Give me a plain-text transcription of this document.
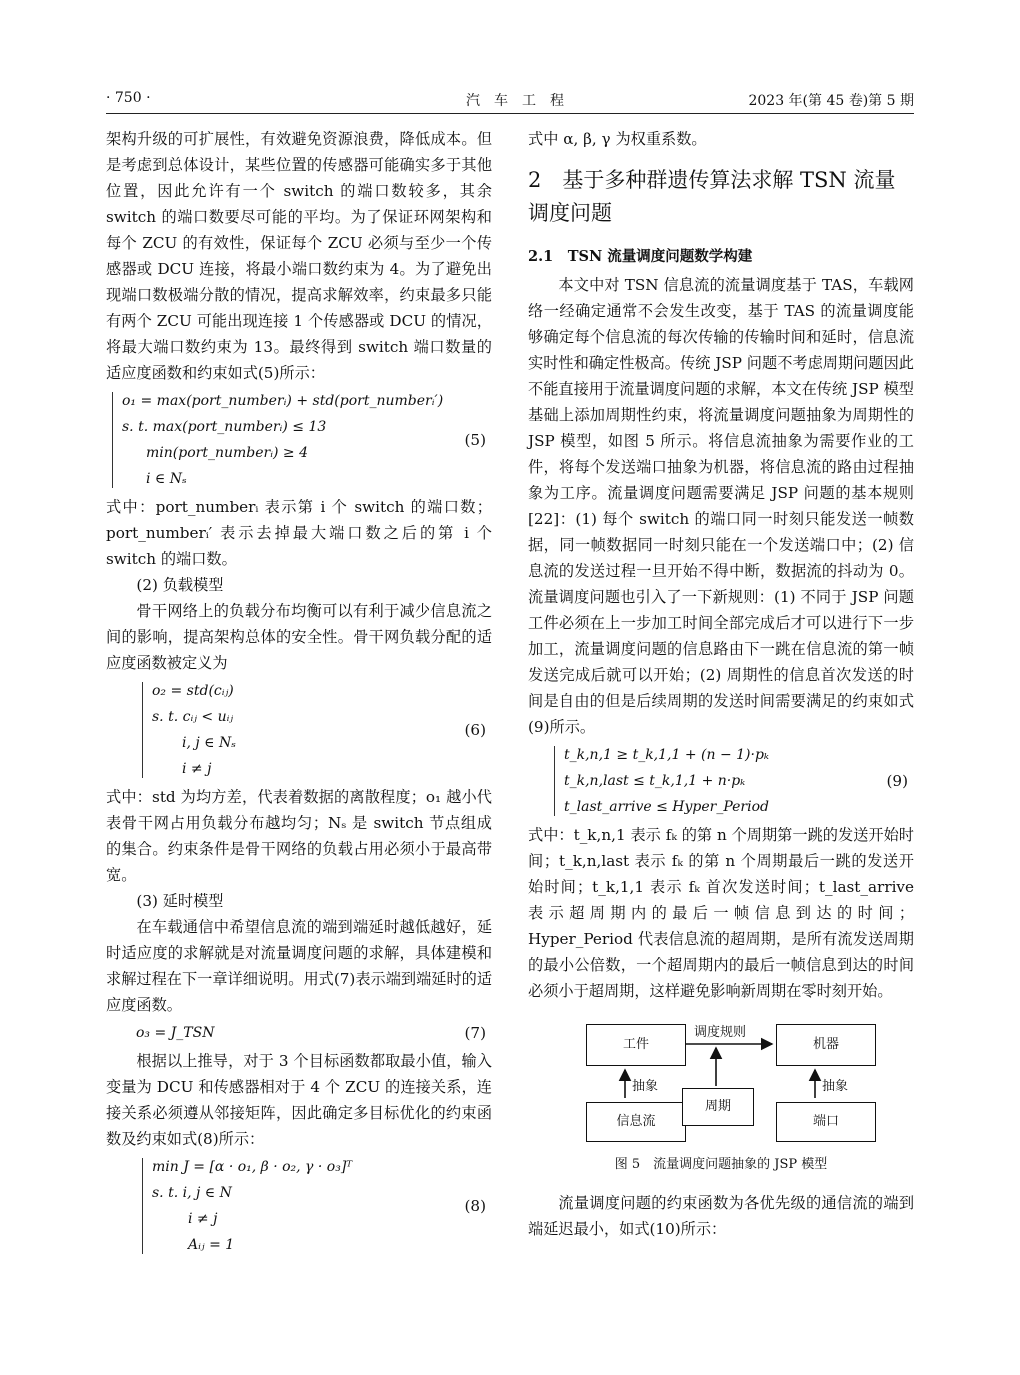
· 750 ·	汽　车　工　程	2023 年(第 45 卷)第 5 期

架构升级的可扩展性，有效避免资源浪费，降低成本。但是考虑到总体设计，某些位置的传感器可能确实多于其他位置，因此允许有一个 switch 的端口数较多，其余 switch 的端口数要尽可能的平均。为了保证环网架构和每个 ZCU 的有效性，保证每个 ZCU 必须与至少一个传感器或 DCU 连接，将最小端口数约束为 4。为了避免出现端口数极端分散的情况，提高求解效率，约束最多只能有两个 ZCU 可能出现连接 1 个传感器或 DCU 的情况，将最大端口数约束为 13。最终得到 switch 端口数量的适应度函数和约束如式(5)所示：

o₁ = max(port_numberᵢ) + std(port_numberᵢ′)
s. t. max(port_numberᵢ) ≤ 13
min(port_numberᵢ) ≥ 4
i ∈ Nₛ
(5)

式中：port_numberᵢ 表示第 i 个 switch 的端口数；port_numberᵢ′ 表示去掉最大端口数之后的第 i 个 switch 的端口数。

(2) 负载模型

骨干网络上的负载分布均衡可以有利于减少信息流之间的影响，提高架构总体的安全性。骨干网负载分配的适应度函数被定义为

o₂ = std(cᵢⱼ)
s. t. cᵢⱼ < uᵢⱼ
i, j ∈ Nₛ
i ≠ j
(6)

式中：std 为均方差，代表着数据的离散程度；o₁ 越小代表骨干网占用负载分布越均匀；Nₛ 是 switch 节点组成的集合。约束条件是骨干网络的负载占用必须小于最高带宽。

(3) 延时模型

在车载通信中希望信息流的端到端延时越低越好，延时适应度的求解就是对流量调度问题的求解，具体建模和求解过程在下一章详细说明。用式(7)表示端到端延时的适应度函数。

o₃ = J_TSN	(7)

根据以上推导，对于 3 个目标函数都取最小值，输入变量为 DCU 和传感器相对于 4 个 ZCU 的连接关系，连接关系必须遵从邻接矩阵，因此确定多目标优化的约束函数及约束如式(8)所示：

min J = [α · o₁, β · o₂, γ · o₃]ᵀ
s. t. i, j ∈ N
i ≠ j
Aᵢⱼ = 1
(8)

式中 α, β, γ 为权重系数。

2　基于多种群遗传算法求解 TSN 流量调度问题
2.1　TSN 流量调度问题数学构建

本文中对 TSN 信息流的流量调度基于 TAS，车载网络一经确定通常不会发生改变，基于 TAS 的流量调度能够确定每个信息流的每次传输的传输时间和延时，信息流实时性和确定性极高。传统 JSP 问题不考虑周期问题因此不能直接用于流量调度问题的求解，本文在传统 JSP 模型基础上添加周期性约束，将流量调度问题抽象为周期性的 JSP 模型，如图 5 所示。将信息流抽象为需要作业的工件，将每个发送端口抽象为机器，将信息流的路由过程抽象为工序。流量调度问题需要满足 JSP 问题的基本规则[22]：(1) 每个 switch 的端口同一时刻只能发送一帧数据，同一帧数据同一时刻只能在一个发送端口中；(2) 信息流的发送过程一旦开始不得中断，数据流的抖动为 0。流量调度问题也引入了一下新规则：(1) 不同于 JSP 问题工件必须在上一步加工时间全部完成后才可以进行下一步加工，流量调度问题的信息路由下一跳在信息流的第一帧发送完成后就可以开始；(2) 周期性的信息首次发送的时间是自由的但是后续周期的发送时间需要满足的约束如式(9)所示。

t_k,n,1 ≥ t_k,1,1 + (n − 1)·pₖ
t_k,n,last ≤ t_k,1,1 + n·pₖ
t_last_arrive ≤ Hyper_Period
(9)

式中：t_k,n,1 表示 fₖ 的第 n 个周期第一跳的发送开始时间；t_k,n,last 表示 fₖ 的第 n 个周期最后一跳的发送开始时间；t_k,1,1 表示 fₖ 首次发送时间；t_last_arrive 表示超周期内的最后一帧信息到达的时间；Hyper_Period 代表信息流的超周期，是所有流发送周期的最小公倍数，一个超周期内的最后一帧信息到达的时间必须小于超周期，这样避免影响新周期在零时刻开始。

工件	机器
信息流
周期
端口
调度规则
抽象	抽象
图 5　流量调度问题抽象的 JSP 模型

流量调度问题的约束函数为各优先级的通信流的端到端延迟最小，如式(10)所示：
